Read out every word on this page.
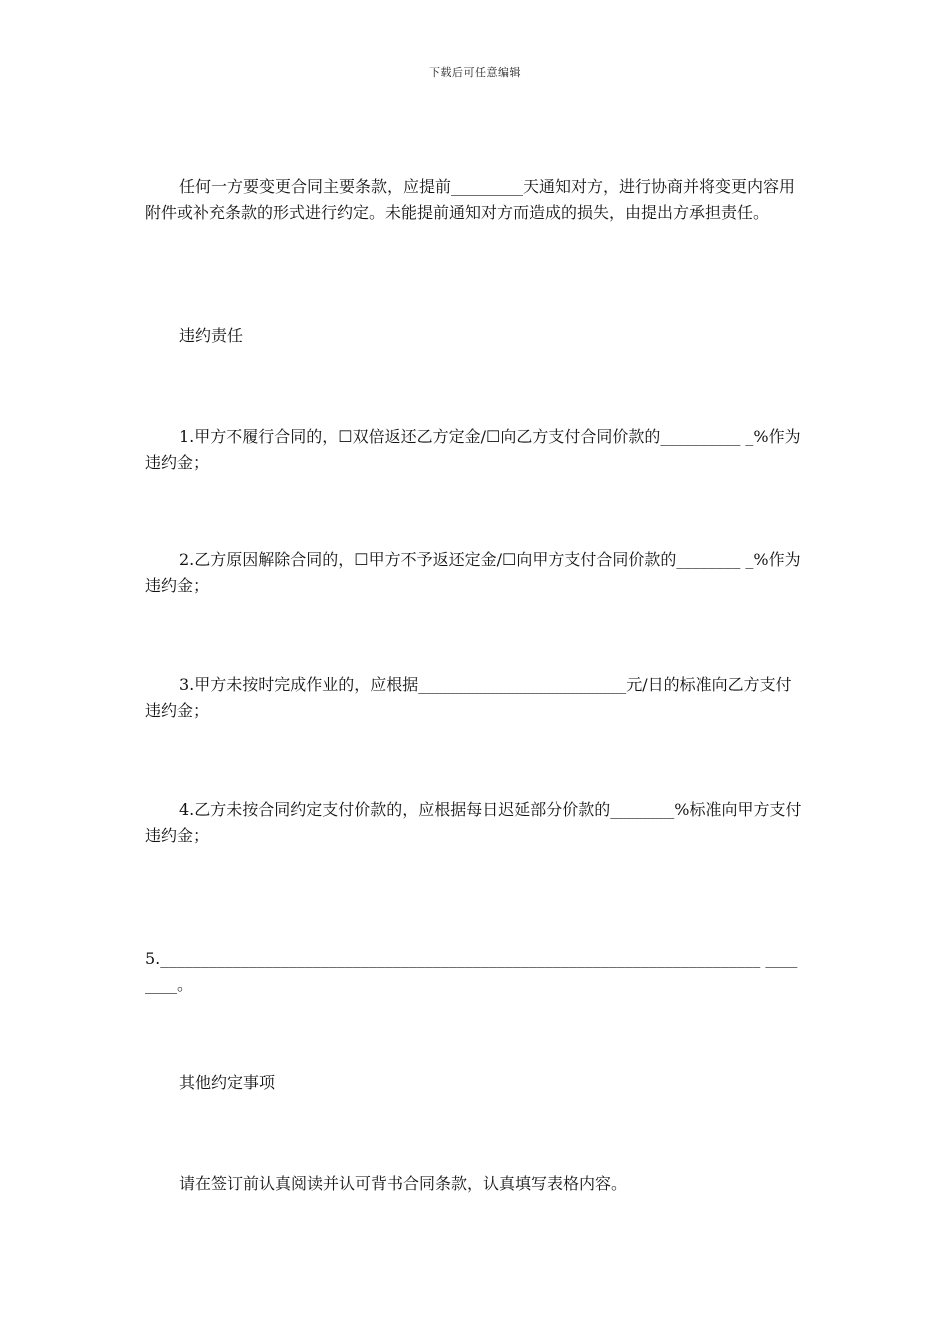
下载后可任意编辑
任何一方要变更合同主要条款，应提前_________天通知对方，进行协商并将变更内容用附件或补充条款的形式进行约定。未能提前通知对方而造成的损失，由提出方承担责任。
违约责任
1.甲方不履行合同的，☐双倍返还乙方定金/☐向乙方支付合同价款的__________ _%作为违约金；
2.乙方原因解除合同的，☐甲方不予返还定金/☐向甲方支付合同价款的________ _%作为违约金；
3.甲方未按时完成作业的，应根据__________________________元/日的标准向乙方支付违约金；
4.乙方未按合同约定支付价款的，应根据每日迟延部分价款的________%标准向甲方支付违约金；
5.___________________________________________________________________________ ________。
其他约定事项
请在签订前认真阅读并认可背书合同条款，认真填写表格内容。
